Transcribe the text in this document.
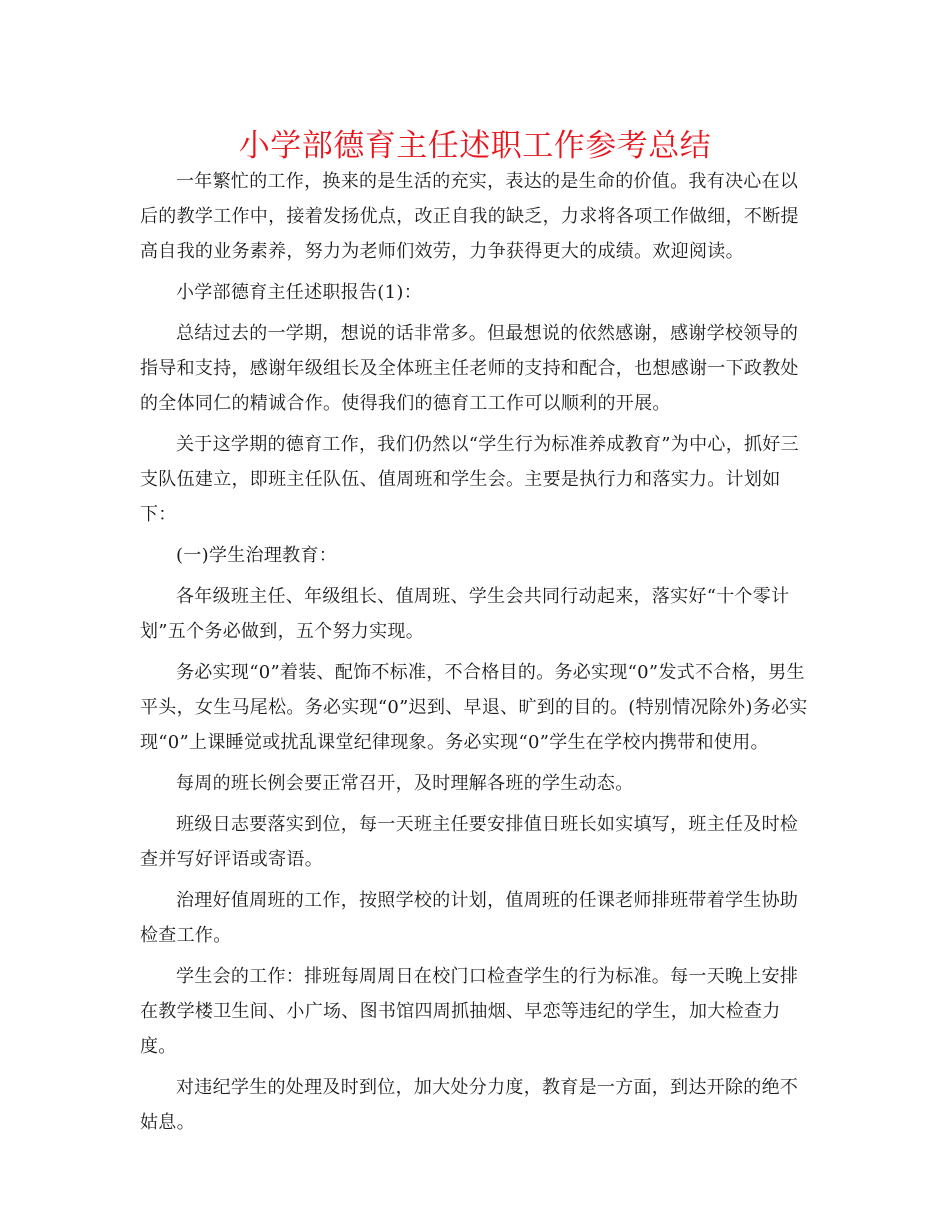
小学部德育主任述职工作参考总结

一年繁忙的工作，换来的是生活的充实，表达的是生命的价值。我有决心在以后的教学工作中，接着发扬优点，改正自我的缺乏，力求将各项工作做细，不断提高自我的业务素养，努力为老师们效劳，力争获得更大的成绩。欢迎阅读。

小学部德育主任述职报告(1)：

总结过去的一学期，想说的话非常多。但最想说的依然感谢，感谢学校领导的指导和支持，感谢年级组长及全体班主任老师的支持和配合，也想感谢一下政教处的全体同仁的精诚合作。使得我们的德育工工作可以顺利的开展。

关于这学期的德育工作，我们仍然以“学生行为标准养成教育”为中心，抓好三支队伍建立，即班主任队伍、值周班和学生会。主要是执行力和落实力。计划如下：

(一)学生治理教育：

各年级班主任、年级组长、值周班、学生会共同行动起来，落实好“十个零计划”五个务必做到，五个努力实现。

务必实现“0”着装、配饰不标准，不合格目的。务必实现“0”发式不合格，男生平头，女生马尾松。务必实现“0”迟到、早退、旷到的目的。(特别情况除外)务必实现“0”上课睡觉或扰乱课堂纪律现象。务必实现“0”学生在学校内携带和使用。

每周的班长例会要正常召开，及时理解各班的学生动态。

班级日志要落实到位，每一天班主任要安排值日班长如实填写，班主任及时检查并写好评语或寄语。

治理好值周班的工作，按照学校的计划，值周班的任课老师排班带着学生协助检查工作。

学生会的工作：排班每周周日在校门口检查学生的行为标准。每一天晚上安排在教学楼卫生间、小广场、图书馆四周抓抽烟、早恋等违纪的学生，加大检查力度。

对违纪学生的处理及时到位，加大处分力度，教育是一方面，到达开除的绝不姑息。
